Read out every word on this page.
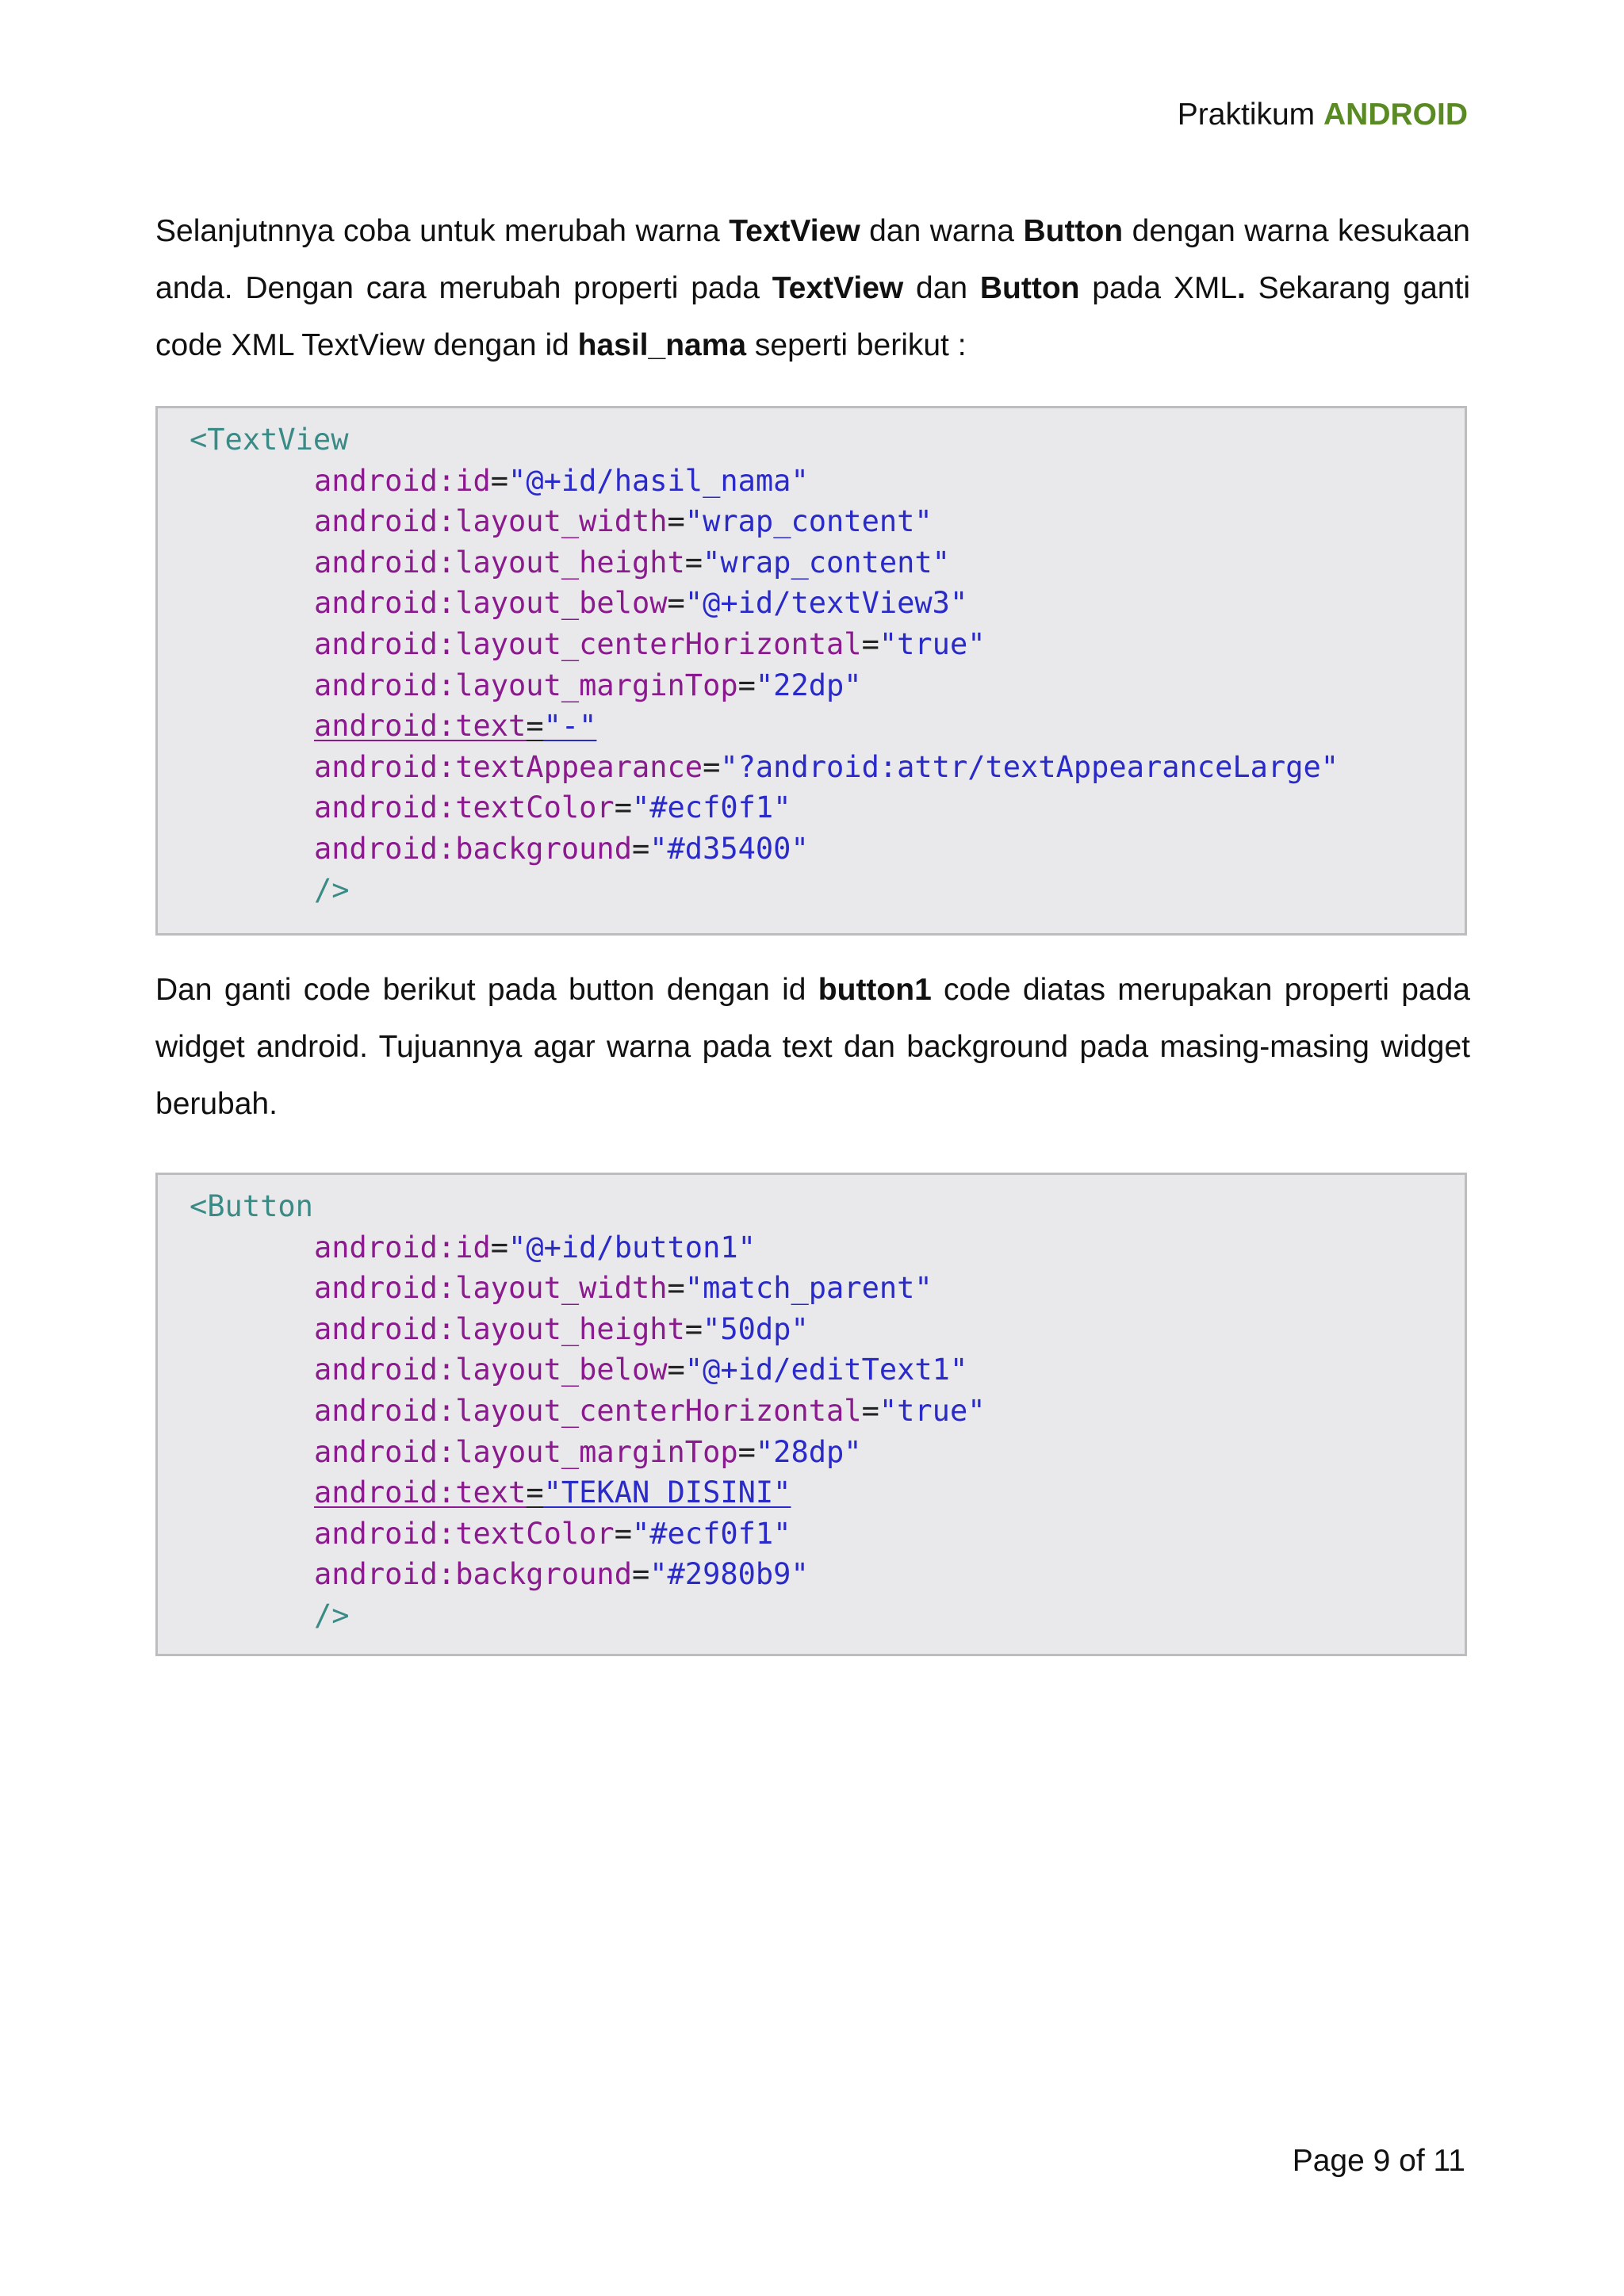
Praktikum ANDROID
Selanjutnnya coba untuk merubah warna TextView dan warna Button dengan warna kesukaan anda. Dengan cara merubah properti pada TextView dan Button pada XML. Sekarang ganti code XML TextView dengan id hasil_nama seperti berikut :
<TextView
android:id="@+id/hasil_nama"
android:layout_width="wrap_content"
android:layout_height="wrap_content"
android:layout_below="@+id/textView3"
android:layout_centerHorizontal="true"
android:layout_marginTop="22dp"
android:text="-"
android:textAppearance="?android:attr/textAppearanceLarge"
android:textColor="#ecf0f1"
android:background="#d35400"
/>
Dan ganti code berikut pada button dengan id button1 code diatas merupakan properti pada widget android. Tujuannya agar warna pada text dan background pada masing-masing widget berubah.
<Button
android:id="@+id/button1"
android:layout_width="match_parent"
android:layout_height="50dp"
android:layout_below="@+id/editText1"
android:layout_centerHorizontal="true"
android:layout_marginTop="28dp"
android:text="TEKAN DISINI"
android:textColor="#ecf0f1"
android:background="#2980b9"
/>
Page 9 of 11
